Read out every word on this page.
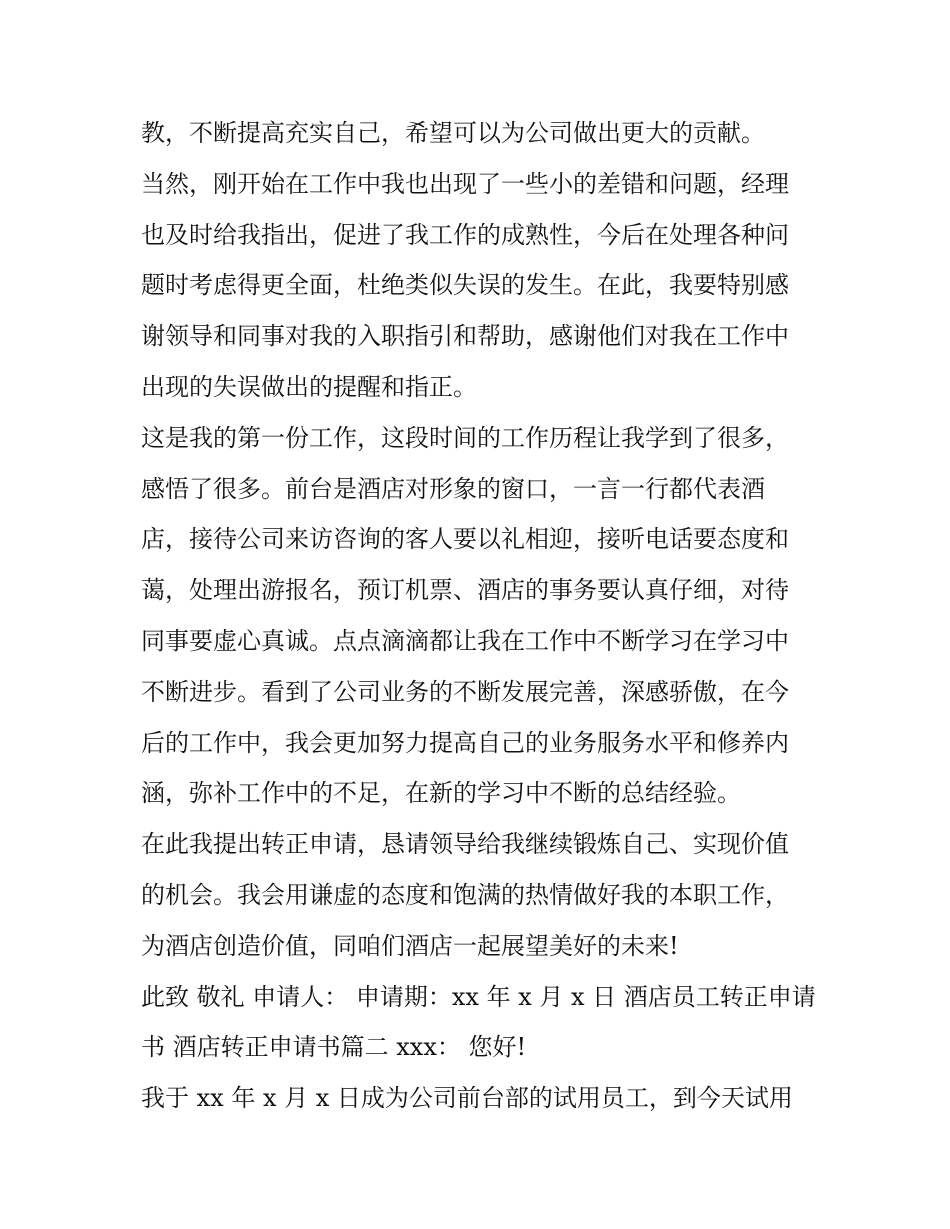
教，不断提高充实自己，希望可以为公司做出更大的贡献。
当然，刚开始在工作中我也出现了一些小的差错和问题，经理
也及时给我指出，促进了我工作的成熟性，今后在处理各种问
题时考虑得更全面，杜绝类似失误的发生。在此，我要特别感
谢领导和同事对我的入职指引和帮助，感谢他们对我在工作中
出现的失误做出的提醒和指正。
这是我的第一份工作，这段时间的工作历程让我学到了很多，
感悟了很多。前台是酒店对形象的窗口，一言一行都代表酒
店，接待公司来访咨询的客人要以礼相迎，接听电话要态度和
蔼，处理出游报名，预订机票、酒店的事务要认真仔细，对待
同事要虚心真诚。点点滴滴都让我在工作中不断学习在学习中
不断进步。看到了公司业务的不断发展完善，深感骄傲，在今
后的工作中，我会更加努力提高自己的业务服务水平和修养内
涵，弥补工作中的不足，在新的学习中不断的总结经验。
在此我提出转正申请，恳请领导给我继续锻炼自己、实现价值
的机会。我会用谦虚的态度和饱满的热情做好我的本职工作，
为酒店创造价值，同咱们酒店一起展望美好的未来!
此致 敬礼 申请人： 申请期：xx 年 x 月 x 日 酒店员工转正申请
书 酒店转正申请书篇二 xxx： 您好!
我于 xx 年 x 月 x 日成为公司前台部的试用员工，到今天试用
